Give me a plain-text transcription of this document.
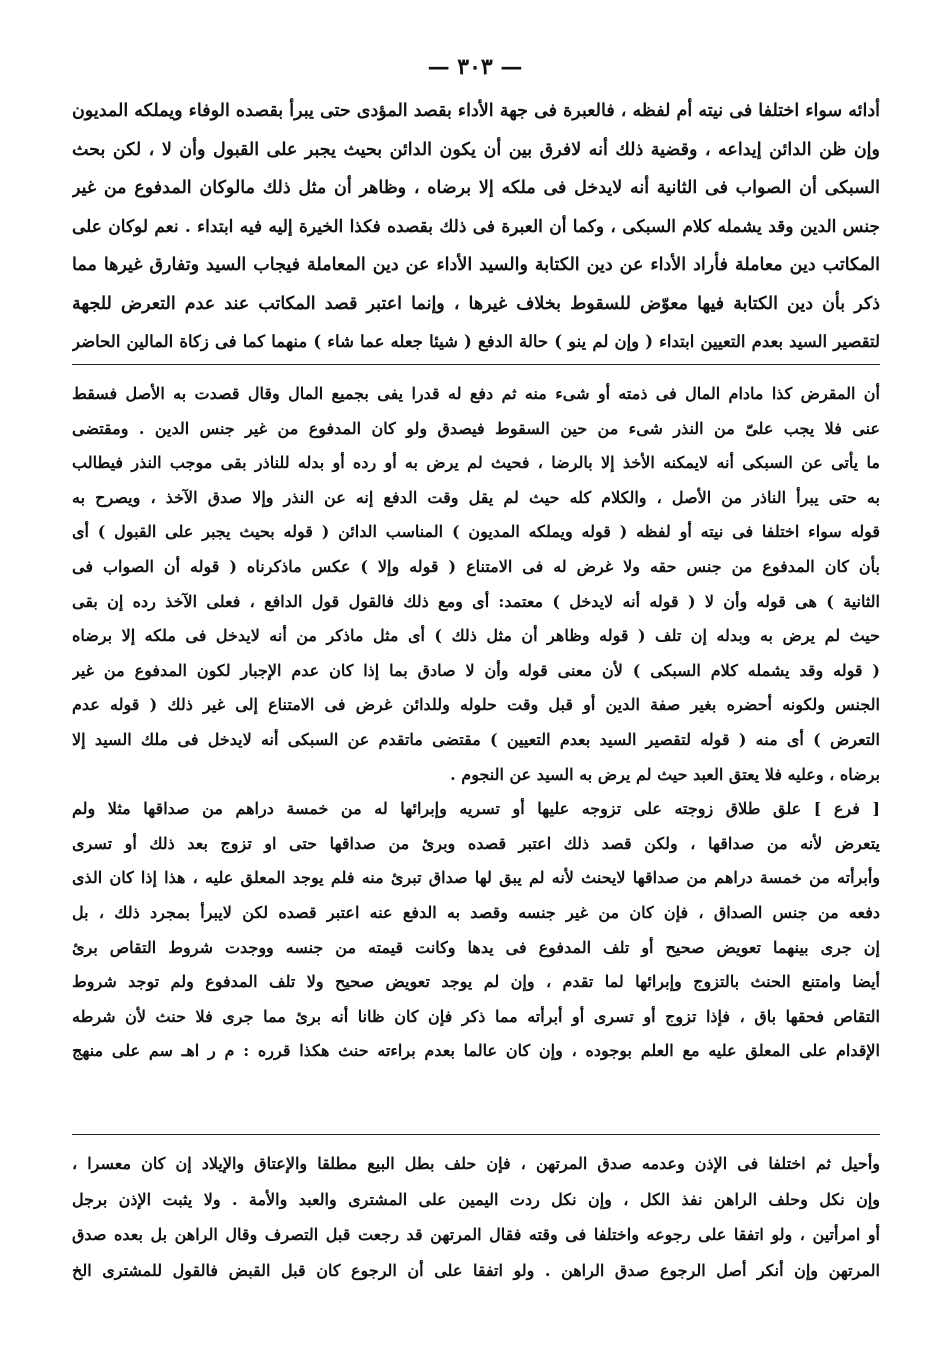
— ٣٠٣ —
أدائه سواء اختلفا فى نيته أم لفظه ، فالعبرة فى جهة الأداء بقصد المؤدى حتى يبرأ بقصده الوفاء ويملكه المديون
وإن ظن الدائن إيداعه ، وقضية ذلك أنه لافرق بين أن يكون الدائن بحيث يجبر على القبول وأن لا ، لكن بحث
السبكى أن الصواب فى الثانية أنه لايدخل فى ملكه إلا برضاه ، وظاهر أن مثل ذلك مالوكان المدفوع من غير
جنس الدين وقد يشمله كلام السبكى ، وكما أن العبرة فى ذلك بقصده فكذا الخيرة إليه فيه ابتداء . نعم لوكان على
المكاتب دين معاملة فأراد الأداء عن دين الكتابة والسيد الأداء عن دين المعاملة فيجاب السيد وتفارق غيرها مما
ذكر بأن دين الكتابة فيها معوّض للسقوط بخلاف غيرها ، وإنما اعتبر قصد المكاتب عند عدم التعرض للجهة
لتقصير السيد بعدم التعيين ابتداء ( وإن لم ينو ) حالة الدفع ( شيئا جعله عما شاء ) منهما كما فى زكاة المالين الحاضر
أن المقرض كذا مادام المال فى ذمته أو شىء منه ثم دفع له قدرا يفى بجميع المال وقال قصدت به الأصل فسقط
عنى فلا يجب علىّ من النذر شىء من حين السقوط فيصدق ولو كان المدفوع من غير جنس الدين . ومقتضى
ما يأتى عن السبكى أنه لايمكنه الأخذ إلا بالرضا ، فحيث لم يرض به أو رده أو بدله للناذر بقى موجب النذر فيطالب
به حتى يبرأ الناذر من الأصل ، والكلام كله حيث لم يقل وقت الدفع إنه عن النذر وإلا صدق الآخذ ، ويصرح به
قوله سواء اختلفا فى نيته أو لفظه ( قوله ويملكه المديون ) المناسب الدائن ( قوله بحيث يجبر على القبول ) أى
بأن كان المدفوع من جنس حقه ولا غرض له فى الامتناع ( قوله وإلا ) عكس ماذكرناه ( قوله أن الصواب فى
الثانية ) هى قوله وأن لا ( قوله أنه لايدخل ) معتمد: أى ومع ذلك فالقول قول الدافع ، فعلى الآخذ رده إن بقى
حيث لم يرض به وبدله إن تلف ( قوله وظاهر أن مثل ذلك ) أى مثل ماذكر من أنه لايدخل فى ملكه إلا برضاه
( قوله وقد يشمله كلام السبكى ) لأن معنى قوله وأن لا صادق بما إذا كان عدم الإجبار لكون المدفوع من غير
الجنس ولكونه أحضره بغير صفة الدين أو قبل وقت حلوله وللدائن غرض فى الامتناع إلى غير ذلك ( قوله عدم
التعرض ) أى منه ( قوله لتقصير السيد بعدم التعيين ) مقتضى ماتقدم عن السبكى أنه لايدخل فى ملك السيد إلا
برضاه ، وعليه فلا يعتق العبد حيث لم يرض به السيد عن النجوم .
[ فرع ] علق طلاق زوجته على تزوجه عليها أو تسريه وإبرائها له من خمسة دراهم من صداقها مثلا ولم
يتعرض لأنه من صداقها ، ولكن قصد ذلك اعتبر قصده وبرئ من صداقها حتى او تزوج بعد ذلك أو تسرى
وأبرأته من خمسة دراهم من صداقها لايحنث لأنه لم يبق لها صداق تبرئ منه فلم يوجد المعلق عليه ، هذا إذا كان الذى
دفعه من جنس الصداق ، فإن كان من غير جنسه وقصد به الدفع عنه اعتبر قصده لكن لايبرأ بمجرد ذلك ، بل
إن جرى بينهما تعويض صحيح أو تلف المدفوع فى يدها وكانت قيمته من جنسه ووجدت شروط التقاص برئ
أيضا وامتنع الحنث بالتزوج وإبرائها لما تقدم ، وإن لم يوجد تعويض صحيح ولا تلف المدفوع ولم توجد شروط
التقاص فحقها باق ، فإذا تزوج أو تسرى أو أبرأته مما ذكر فإن كان ظانا أنه برئ مما جرى فلا حنث لأن شرطه
الإقدام على المعلق عليه مع العلم بوجوده ، وإن كان عالما بعدم براءته حنث هكذا قرره : م ر اهـ سم على منهج
وأحيل ثم اختلفا فى الإذن وعدمه صدق المرتهن ، فإن حلف بطل البيع مطلقا والإعتاق والإيلاد إن كان معسرا ،
وإن نكل وحلف الراهن نفذ الكل ، وإن نكل ردت اليمين على المشترى والعبد والأمة . ولا يثبت الإذن برجل
أو امرأتين ، ولو اتفقا على رجوعه واختلفا فى وقته فقال المرتهن قد رجعت قبل التصرف وقال الراهن بل بعده صدق
المرتهن وإن أنكر أصل الرجوع صدق الراهن . ولو اتفقا على أن الرجوع كان قبل القبض فالقول للمشترى الخ
